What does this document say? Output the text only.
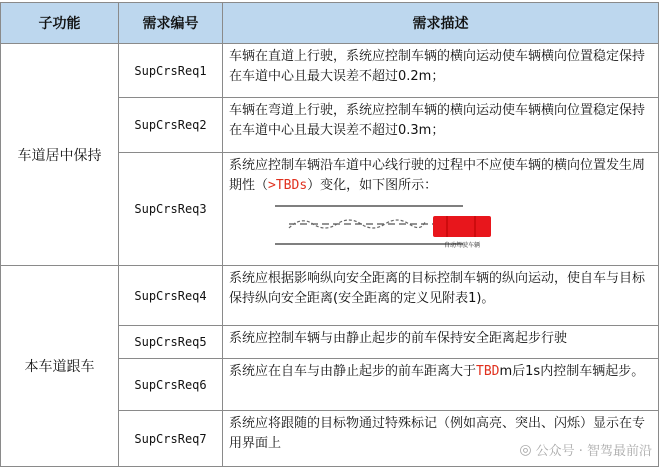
子功能	需求编号	需求描述
车道居中保持	SupCrsReq1	车辆在直道上行驶，系统应控制车辆的横向运动使车辆横向位置稳定保持在车道中心且最大误差不超过0.2m；
	SupCrsReq2	车辆在弯道上行驶，系统应控制车辆的横向运动使车辆横向位置稳定保持在车道中心且最大误差不超过0.3m；
	SupCrsReq3	系统应控制车辆沿车道中心线行驶的过程中不应使车辆的横向位置发生周期性（>TBDs）变化，如下图所示：
自动驾驶车辆

本车道跟车	SupCrsReq4	系统应根据影响纵向安全距离的目标控制车辆的纵向运动，使自车与目标保持纵向安全距离(安全距离的定义见附表1)。
	SupCrsReq5	系统应控制车辆与由静止起步的前车保持安全距离起步行驶
	SupCrsReq6	系统应在自车与由静止起步的前车距离大于TBDm后1s内控制车辆起步。
	SupCrsReq7	系统应将跟随的目标物通过特殊标记（例如高亮、突出、闪烁）显示在专用界面上	◎ 公众号 · 智驾最前沿
